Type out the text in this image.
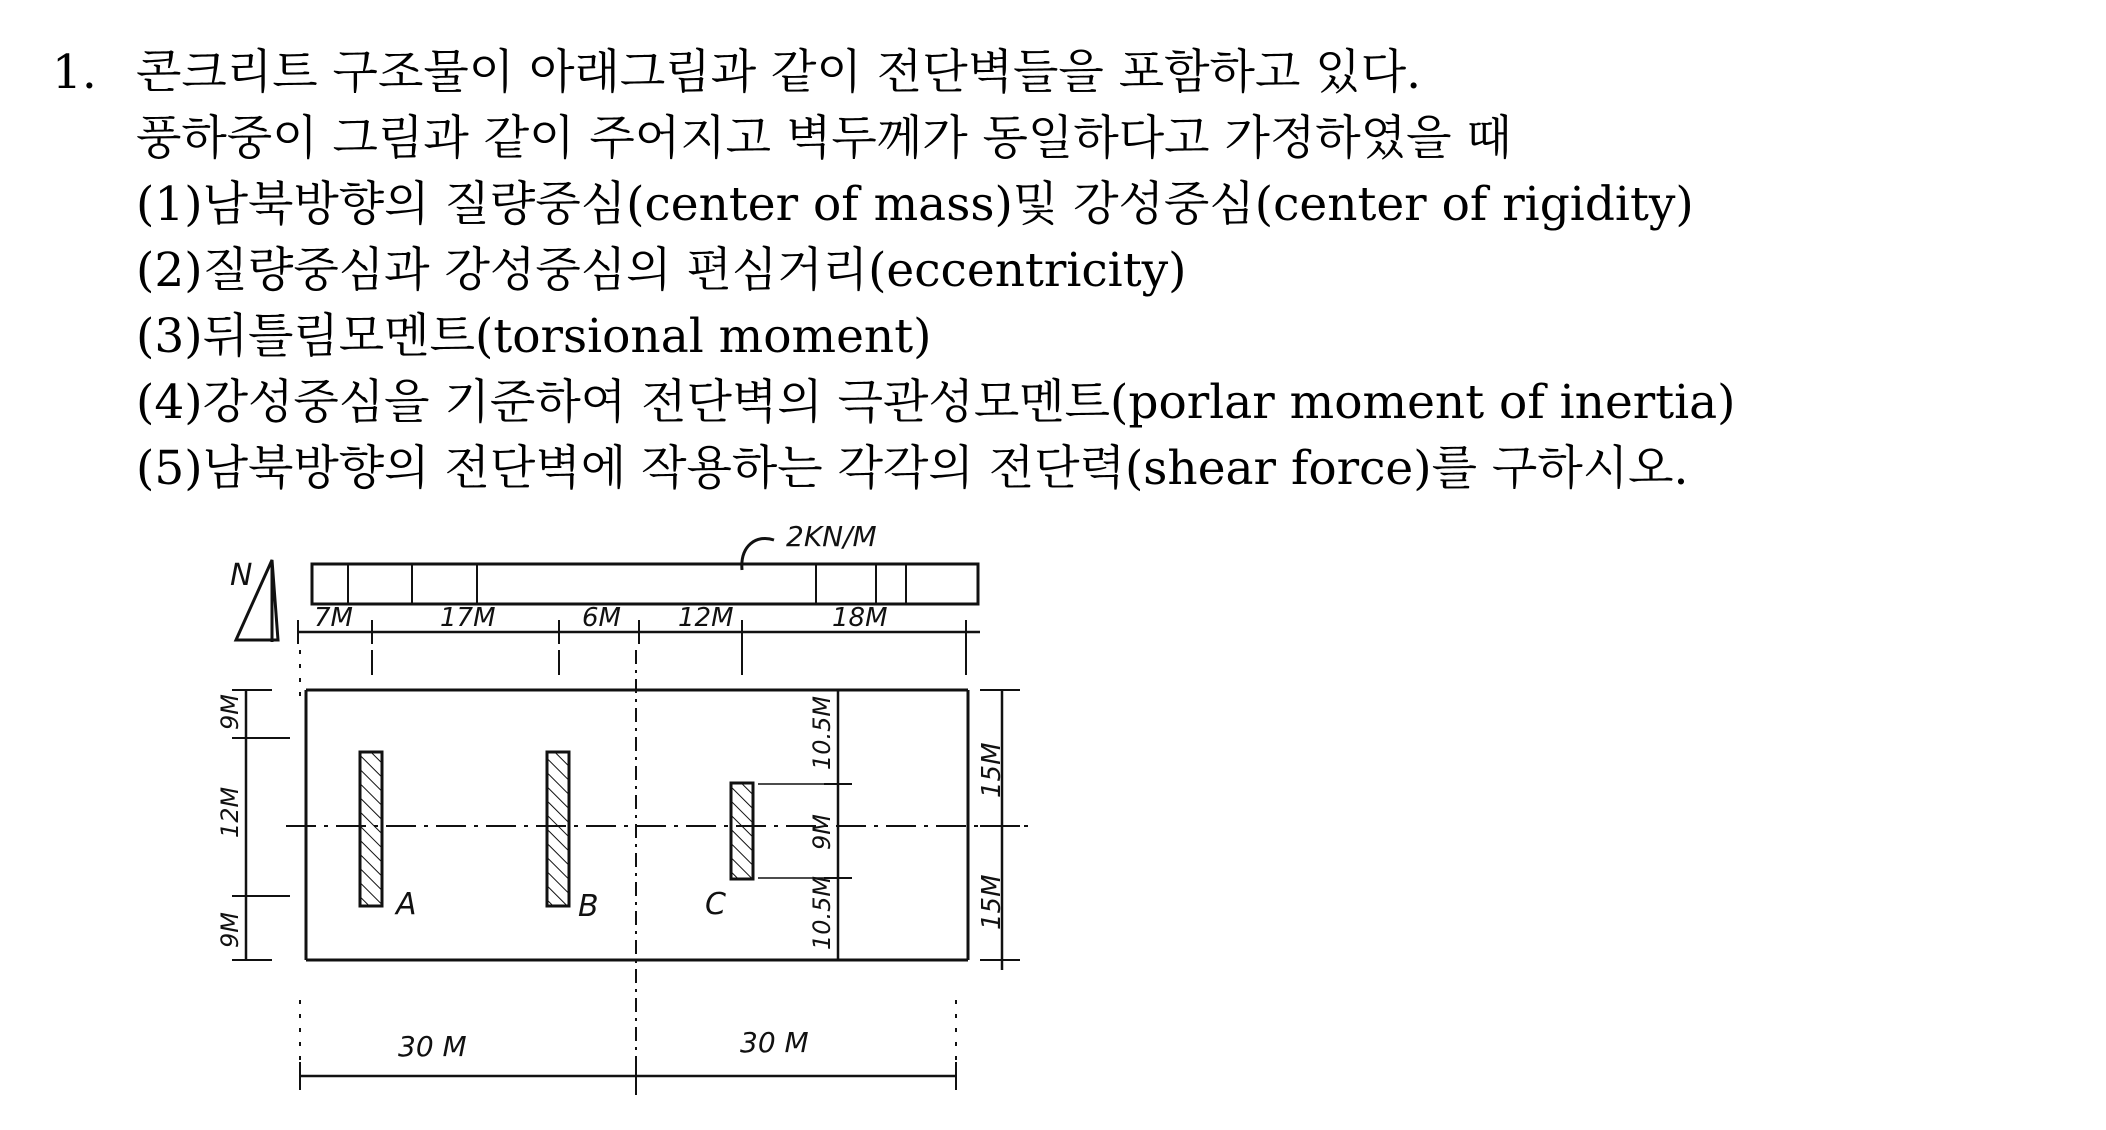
1. 콘크리트 구조물이 아래그림과 같이 전단벽들을 포함하고 있다.
풍하중이 그림과 같이 주어지고 벽두께가 동일하다고 가정하였을 때
(1)남북방향의 질량중심(center of mass)및 강성중심(center of rigidity)
(2)질량중심과 강성중심의 편심거리(eccentricity)
(3)뒤틀림모멘트(torsional moment)
(4)강성중심을 기준하여 전단벽의 극관성모멘트(porlar moment of inertia)
(5)남북방향의 전단벽에 작용하는 각각의 전단력(shear force)를 구하시오.
N
2KN/M
7M	17M	6M 12M	18M
A	B	C
9M
12M
9M
10.5M
9M
10.5M
15M
15M
30 M	30 M
